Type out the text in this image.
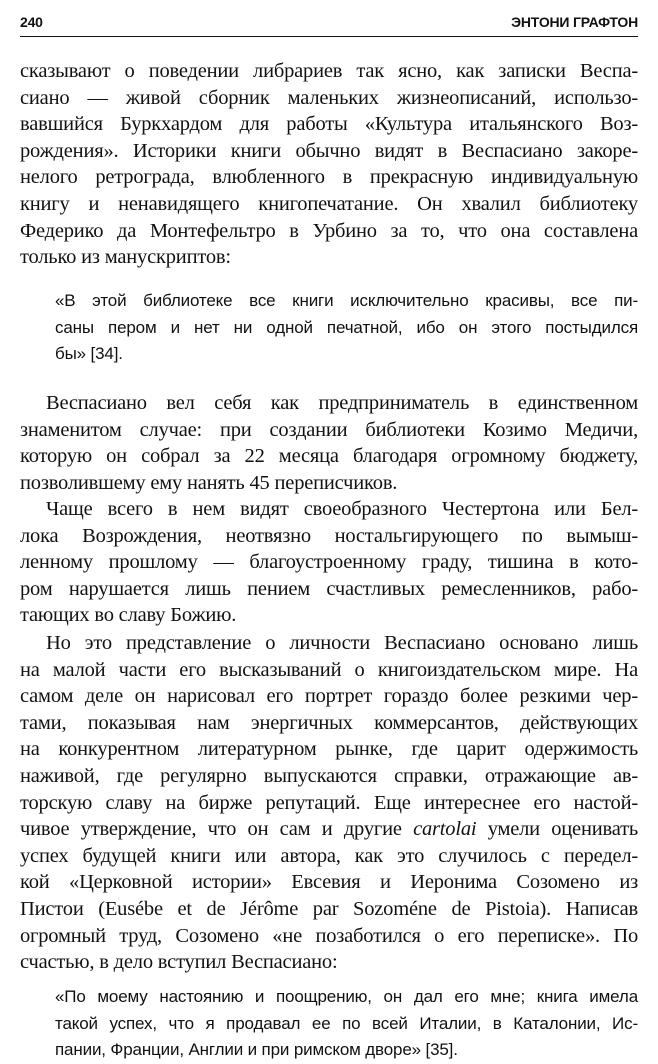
240	ЭНТОНИ ГРАФТОН
сказывают о поведении либрариев так ясно, как записки Веспа-
сиано — живой сборник маленьких жизнеописаний, использо-
вавшийся Буркхардом для работы «Культура итальянского Воз-
рождения». Историки книги обычно видят в Веспасиано закоре-
нелого ретрограда, влюбленного в прекрасную индивидуальную
книгу и ненавидящего книгопечатание. Он хвалил библиотеку
Федерико да Монтефельтро в Урбино за то, что она составлена
только из манускриптов:
«В этой библиотеке все книги исключительно красивы, все пи-
саны пером и нет ни одной печатной, ибо он этого постыдился
бы» [34].
Веспасиано вел себя как предприниматель в единственном
знаменитом случае: при создании библиотеки Козимо Медичи,
которую он собрал за 22 месяца благодаря огромному бюджету,
позволившему ему нанять 45 переписчиков.
Чаще всего в нем видят своеобразного Честертона или Бел-
лока Возрождения, неотвязно ностальгирующего по вымыш-
ленному прошлому — благоустроенному граду, тишина в кото-
ром нарушается лишь пением счастливых ремесленников, рабо-
тающих во славу Божию.
Но это представление о личности Веспасиано основано лишь
на малой части его высказываний о книгоиздательском мире. На
самом деле он нарисовал его портрет гораздо более резкими чер-
тами, показывая нам энергичных коммерсантов, действующих
на конкурентном литературном рынке, где царит одержимость
наживой, где регулярно выпускаются справки, отражающие ав-
торскую славу на бирже репутаций. Еще интереснее его настой-
чивое утверждение, что он сам и другие cartolai умели оценивать
успех будущей книги или автора, как это случилось с передел-
кой «Церковной истории» Евсевия и Иеронима Созомено из
Пистои (Eusébe et de Jérôme par Sozoméne de Pistoia). Написав
огромный труд, Созомено «не позаботился о его переписке». По
счастью, в дело вступил Веспасиано:
«По моему настоянию и поощрению, он дал его мне; книга имела
такой успех, что я продавал ее по всей Италии, в Каталонии, Ис-
пании, Франции, Англии и при римском дворе» [35].
